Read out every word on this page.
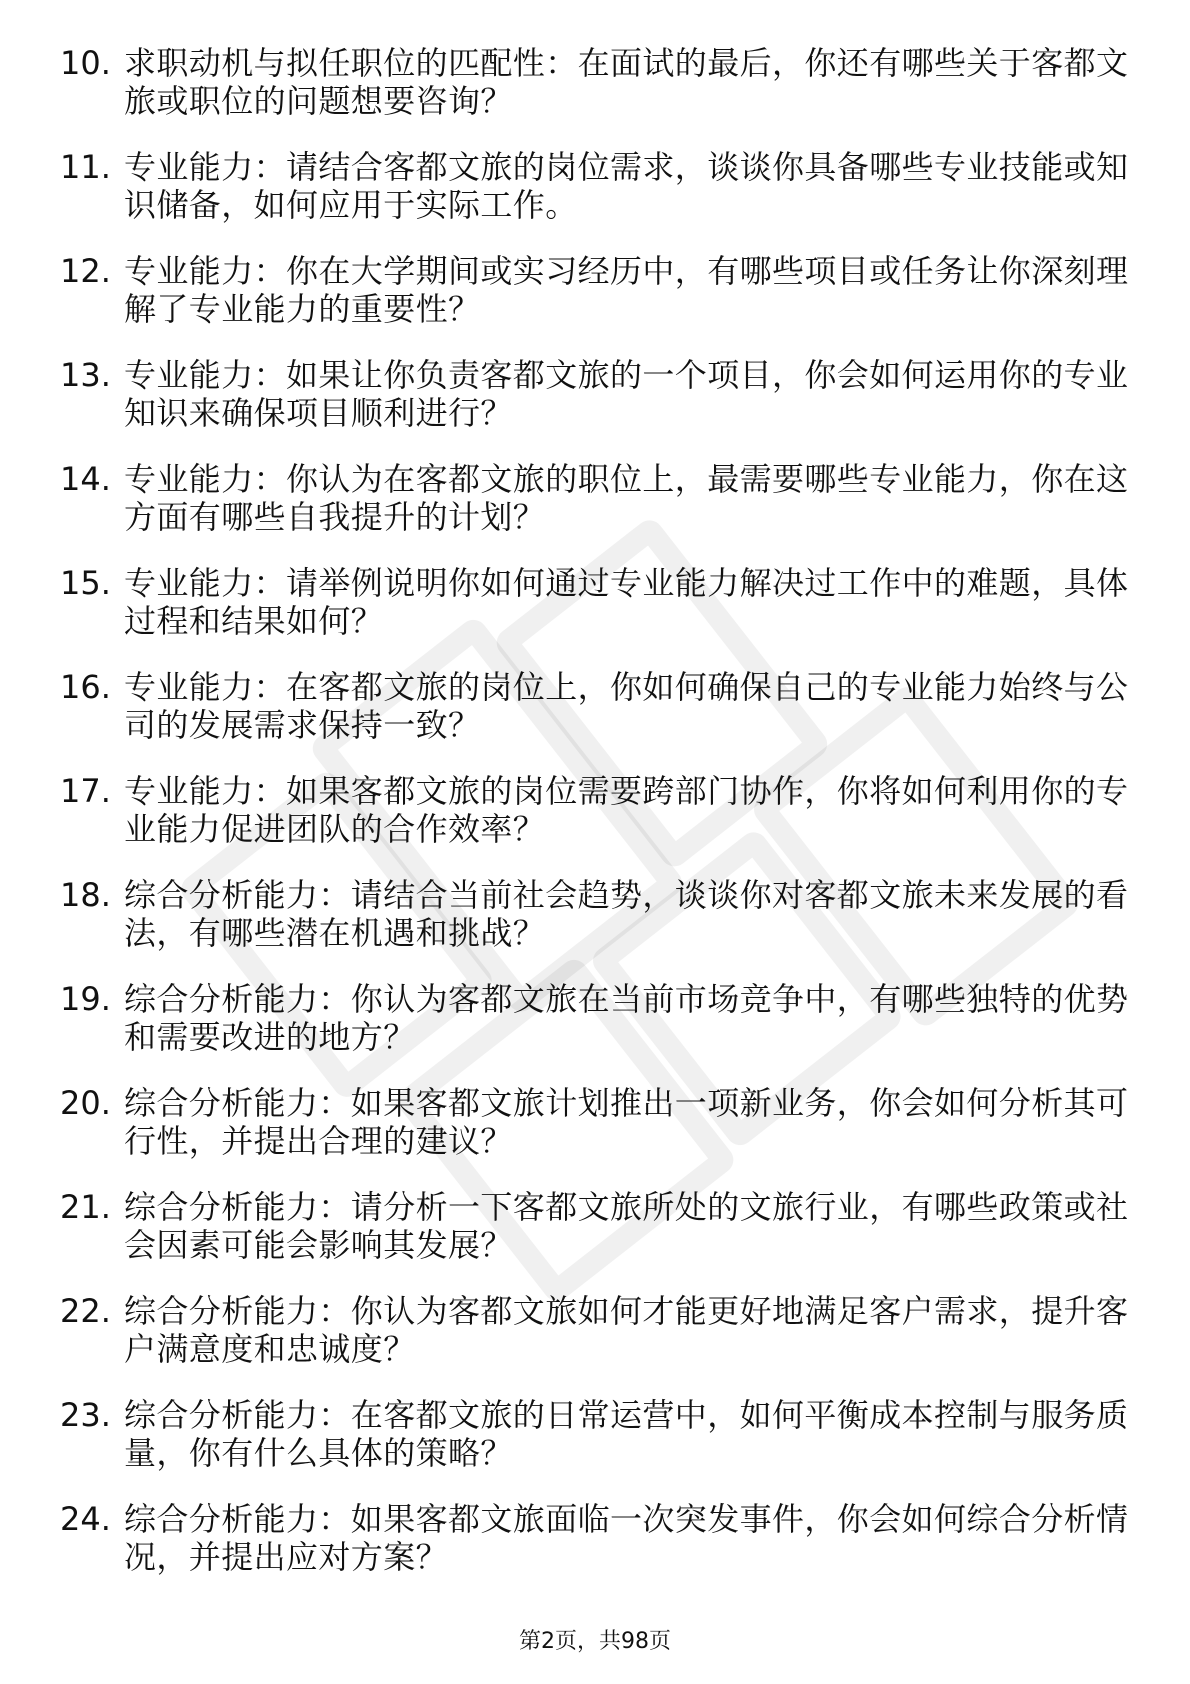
10. 求职动机与拟任职位的匹配性：在面试的最后，你还有哪些关于客都文旅或职位的问题想要咨询？
11. 专业能力：请结合客都文旅的岗位需求，谈谈你具备哪些专业技能或知识储备，如何应用于实际工作。
12. 专业能力：你在大学期间或实习经历中，有哪些项目或任务让你深刻理解了专业能力的重要性？
13. 专业能力：如果让你负责客都文旅的一个项目，你会如何运用你的专业知识来确保项目顺利进行？
14. 专业能力：你认为在客都文旅的职位上，最需要哪些专业能力，你在这方面有哪些自我提升的计划？
15. 专业能力：请举例说明你如何通过专业能力解决过工作中的难题，具体过程和结果如何？
16. 专业能力：在客都文旅的岗位上，你如何确保自己的专业能力始终与公司的发展需求保持一致？
17. 专业能力：如果客都文旅的岗位需要跨部门协作，你将如何利用你的专业能力促进团队的合作效率？
18. 综合分析能力：请结合当前社会趋势，谈谈你对客都文旅未来发展的看法，有哪些潜在机遇和挑战？
19. 综合分析能力：你认为客都文旅在当前市场竞争中，有哪些独特的优势和需要改进的地方？
20. 综合分析能力：如果客都文旅计划推出一项新业务，你会如何分析其可行性，并提出合理的建议？
21. 综合分析能力：请分析一下客都文旅所处的文旅行业，有哪些政策或社会因素可能会影响其发展？
22. 综合分析能力：你认为客都文旅如何才能更好地满足客户需求，提升客户满意度和忠诚度？
23. 综合分析能力：在客都文旅的日常运营中，如何平衡成本控制与服务质量，你有什么具体的策略？
24. 综合分析能力：如果客都文旅面临一次突发事件，你会如何综合分析情况，并提出应对方案？
第2页，共98页
